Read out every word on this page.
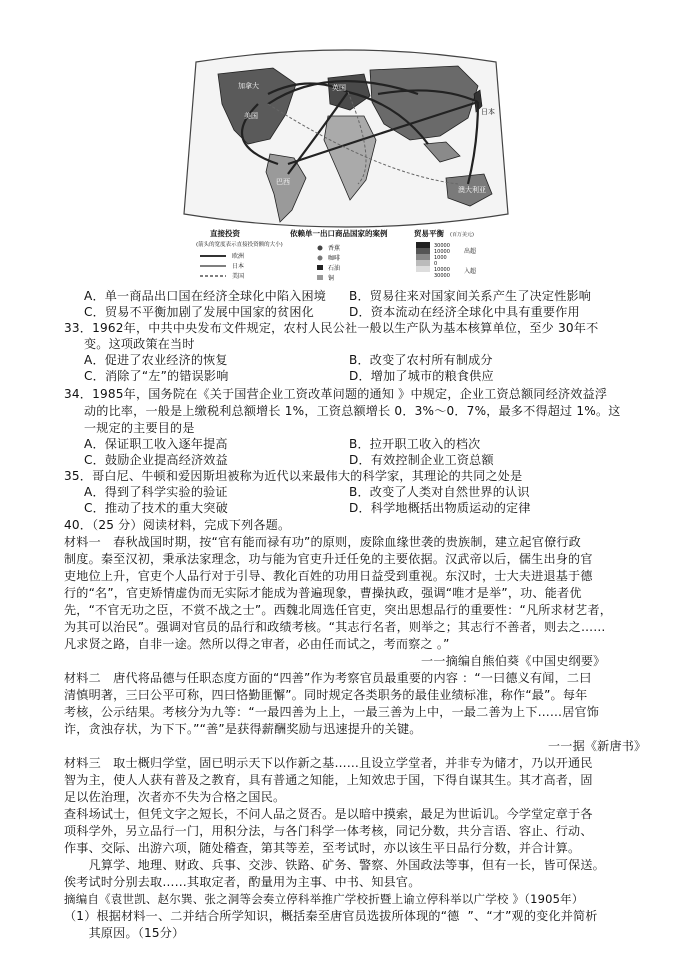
加拿大
美国
英国
日本
巴西
澳大利亚
直接投资
(箭头的宽度表示直接投资额的大小)
欧洲
日本
美国
依赖单一出口商品国家的案例
香蕉
咖啡
石油
铜
贸易平衡 (百万美元)
30000
10000
1000
0
10000
30000
出超
入超
A．单一商品出口国在经济全球化中陷入困境 B．贸易往来对国家间关系产生了决定性影响
C．贸易不平衡加剧了发展中国家的贫困化	D．资本流动在经济全球化中具有重要作用
33．1962年，中共中央发布文件规定，农村人民公社一般以生产队为基本核算单位，至少 30年不
变。这项政策在当时
A．促进了农业经济的恢复	B．改变了农村所有制成分
C．消除了“左”的错误影响	D．增加了城市的粮食供应
34．1985年，国务院在《关于国营企业工资改革问题的通知 》中规定，企业工资总额同经济效益浮
动的比率，一般是上缴税利总额增长 1%，工资总额增长 0．3%～0．7%，最多不得超过 1%。这
一规定的主要目的是
A．保证职工收入逐年提高	B．拉开职工收入的档次
C．鼓励企业提高经济效益	D．有效控制企业工资总额
35．哥白尼、牛顿和爱因斯坦被称为近代以来最伟大的科学家，其理论的共同之处是
A．得到了科学实验的验证	B．改变了人类对自然世界的认识
C．推动了技术的重大突破	D．科学地概括出物质运动的定律
40．（25 分）阅读材料，完成下列各题。
材料一　春秋战国时期，按“官有能而禄有功”的原则，废除血缘世袭的贵族制，建立起官僚行政
制度。秦至汉初，秉承法家理念，功与能为官吏升迁任免的主要依据。汉武帝以后，儒生出身的官
吏地位上升，官吏个人品行对于引导、教化百姓的功用日益受到重视。东汉时，士大夫进退基于德
行的“名”，官吏矫情虚伪而无实际才能成为普遍现象，曹操执政，强调“唯才是举”，功、能者优
先，“不官无功之臣，不赏不战之士”。西魏北周选任官吏，突出思想品行的重要性：“凡所求材艺者，
为其可以治民”。强调对官员的品行和政绩考核。“其志行名者，则举之；其志行不善者，则去之……
凡求贤之路，自非一途。然所以得之审者，必由任而试之，考而察之 。”
一一摘编自熊伯葵《中国史纲要》
材料二　唐代将品德与任职态度方面的“四善”作为考察官员最重要的内容 ：“一曰德义有闻，二曰
清慎明著，三曰公平可称，四曰恪勤匪懈”。同时规定各类职务的最佳业绩标准，称作“最”。每年
考核，公示结果。考核分为九等：“一最四善为上上，一最三善为上中，一最二善为上下……居官饰
诈，贪浊存状，为下下。”“善”是获得薪酬奖励与迅速提升的关键。
一一据《新唐书》
材料三　取士概归学堂，固已明示天下以作新之基……且设立学堂者，并非专为储才，乃以开通民
智为主，使人人获有普及之教育，具有普通之知能，上知效忠于国，下得自谋其生。其才高者，固
足以佐治理，次者亦不失为合格之国民。
查科场试士，但凭文字之短长，不问人品之贤否。是以暗中摸索，最足为世诟讥。今学堂定章于各
项科学外，另立品行一门，用积分法，与各门科学一体考核，同记分数，共分言语、容止、行动、
作事、交际、出游六项，随处稽查，第其等差，至考试时，亦以该生平日品行分数，并合计算。
　　凡算学、地理、财政、兵事、交涉、铁路、矿务、警察、外国政法等事，但有一长，皆可保送。
俟考试时分别去取……其取定者，酌量用为主事、中书、知县官。
摘编自《袁世凯、赵尔巽、张之洞等会奏立停科举推广学校折暨上谕立停科举以广学校 》（1905年）
（1）根据材料一、二并结合所学知识，概括秦至唐官员选拔所体现的“德  ”、“才”观的变化并简析
　　其原因。（15分）
